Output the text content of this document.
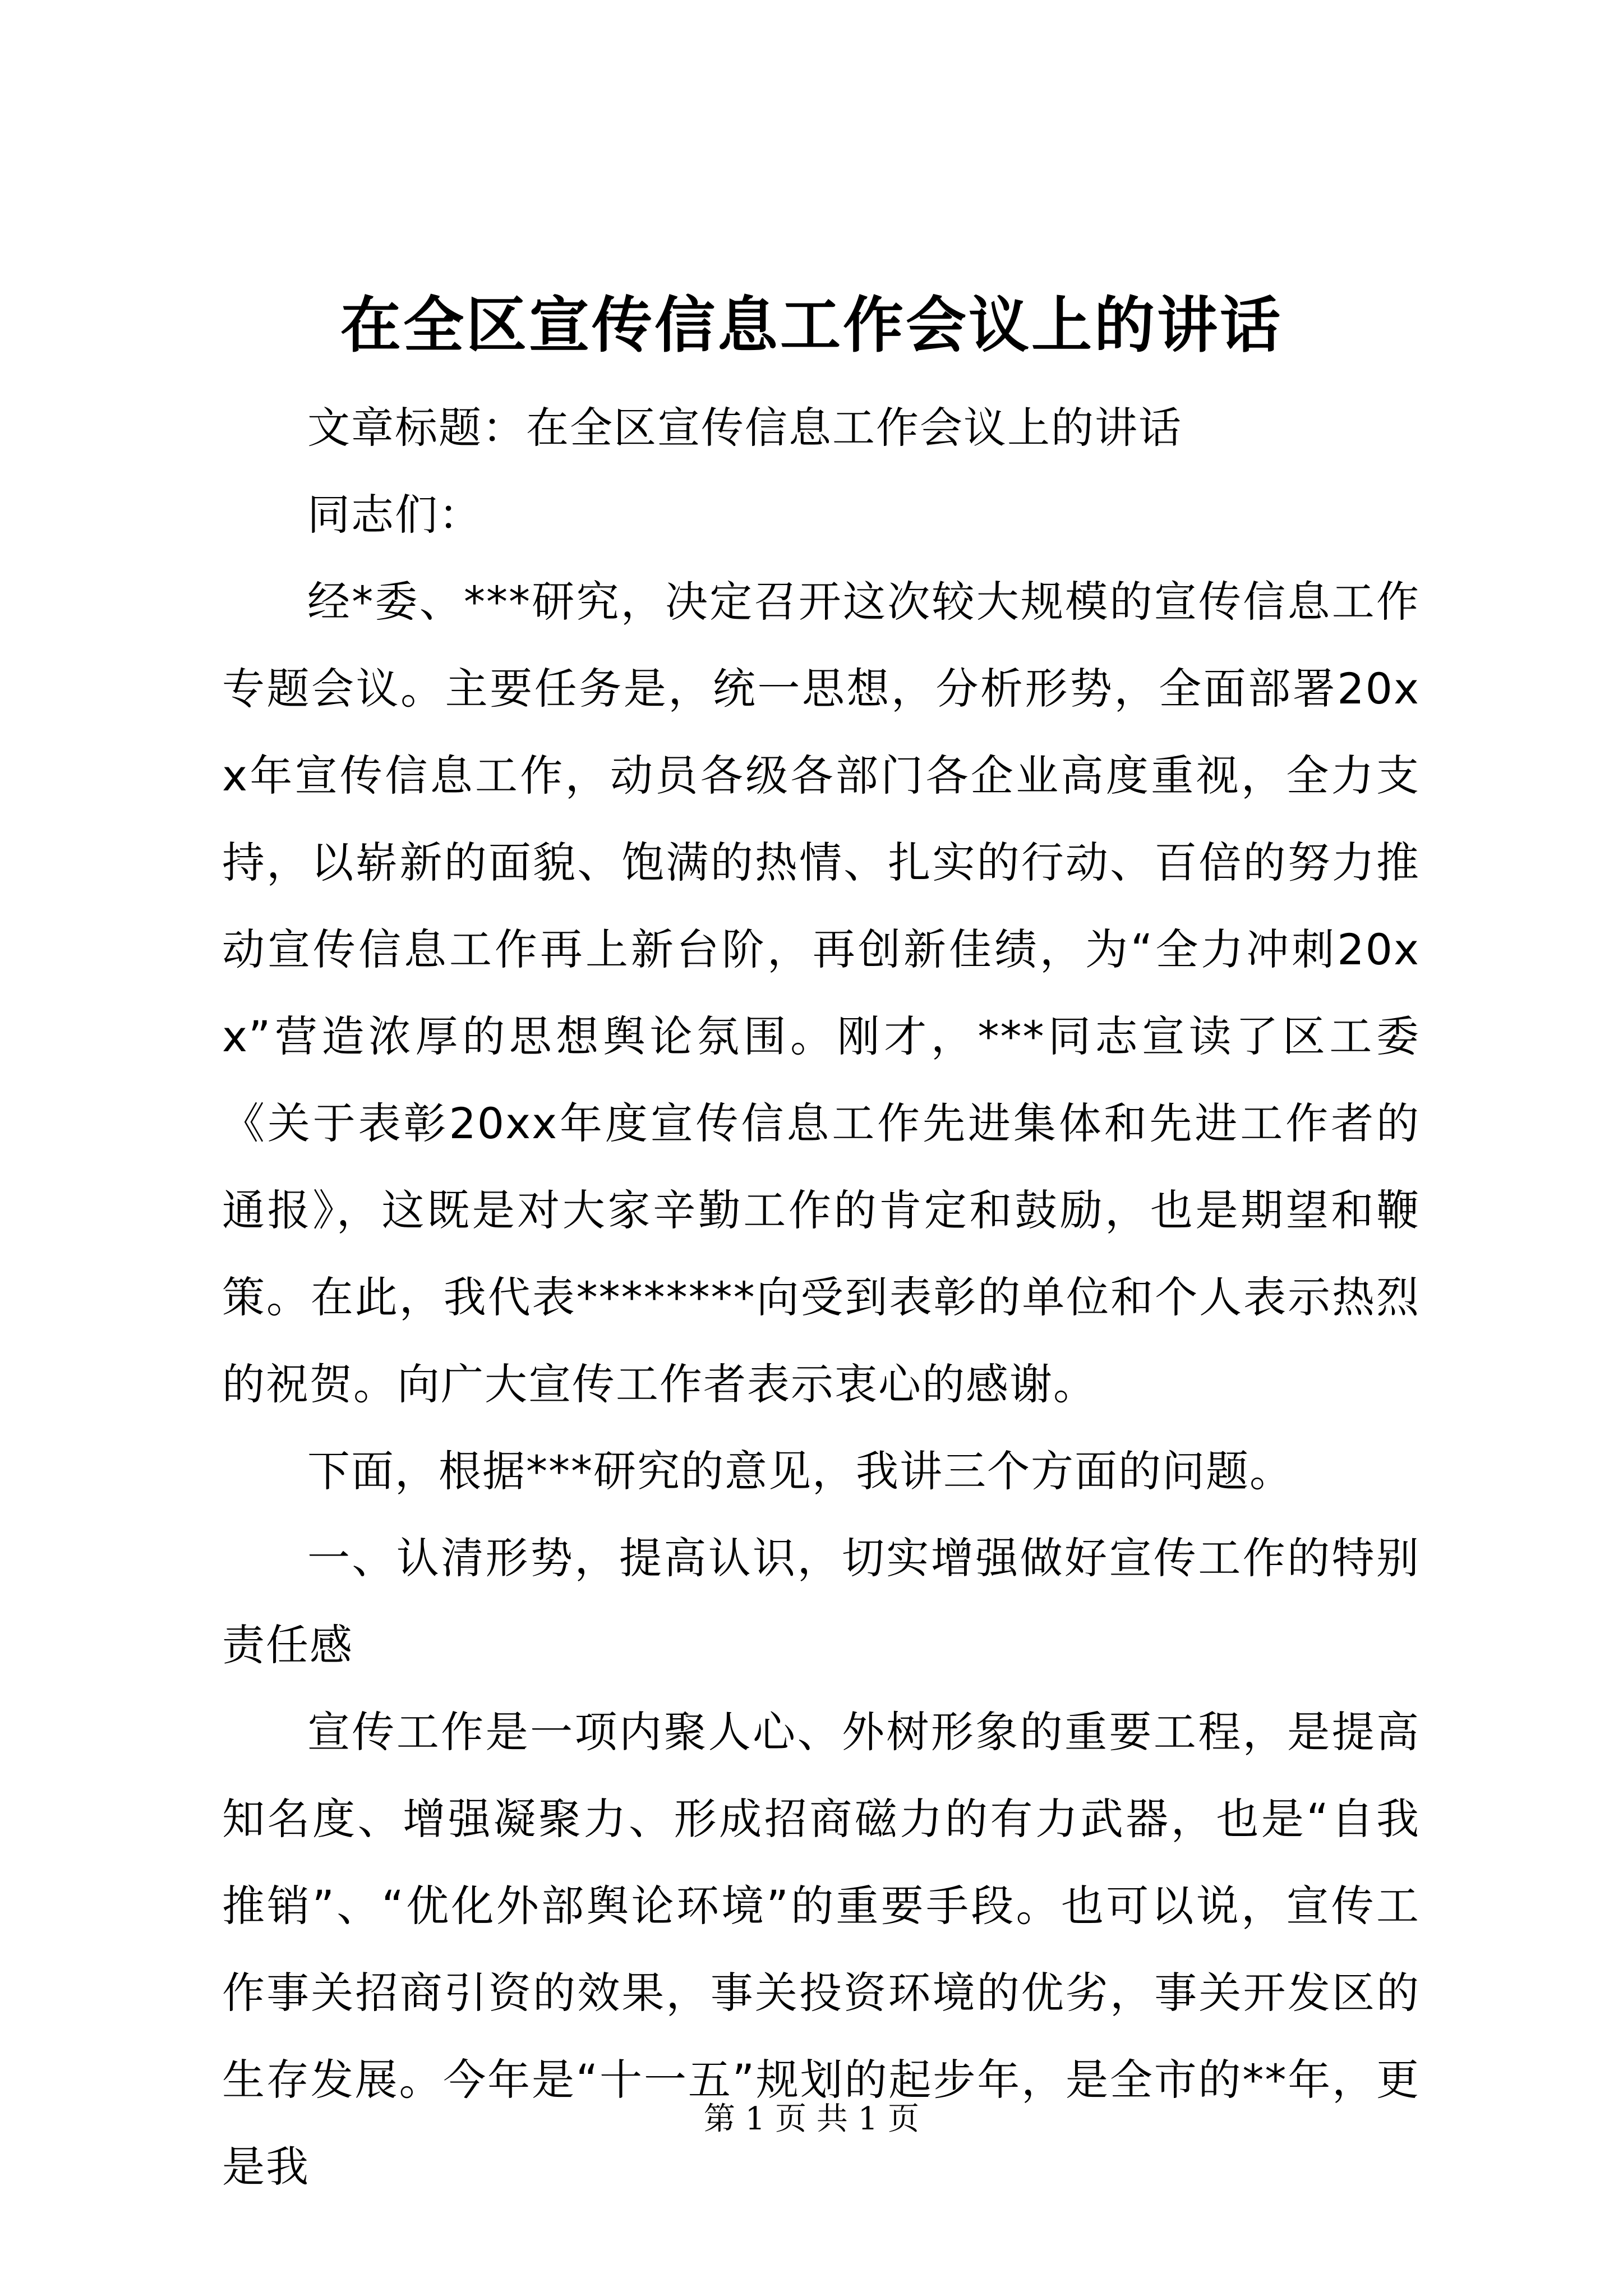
在全区宣传信息工作会议上的讲话

文章标题：在全区宣传信息工作会议上的讲话

同志们：

经*委、***研究，决定召开这次较大规模的宣传信息工作专题会议。主要任务是，统一思想，分析形势，全面部署20xx年宣传信息工作，动员各级各部门各企业高度重视，全力支持，以崭新的面貌、饱满的热情、扎实的行动、百倍的努力推动宣传信息工作再上新台阶，再创新佳绩，为“全力冲刺20xx”营造浓厚的思想舆论氛围。刚才，***同志宣读了区工委《关于表彰20xx年度宣传信息工作先进集体和先进工作者的通报》，这既是对大家辛勤工作的肯定和鼓励，也是期望和鞭策。在此，我代表********向受到表彰的单位和个人表示热烈的祝贺。向广大宣传工作者表示衷心的感谢。

下面，根据***研究的意见，我讲三个方面的问题。

一、认清形势，提高认识，切实增强做好宣传工作的特别责任感

宣传工作是一项内聚人心、外树形象的重要工程，是提高知名度、增强凝聚力、形成招商磁力的有力武器，也是“自我推销”、“优化外部舆论环境”的重要手段。也可以说，宣传工作事关招商引资的效果，事关投资环境的优劣，事关开发区的生存发展。今年是“十一五”规划的起步年，是全市的**年，更是我

第 1 页 共 1 页
